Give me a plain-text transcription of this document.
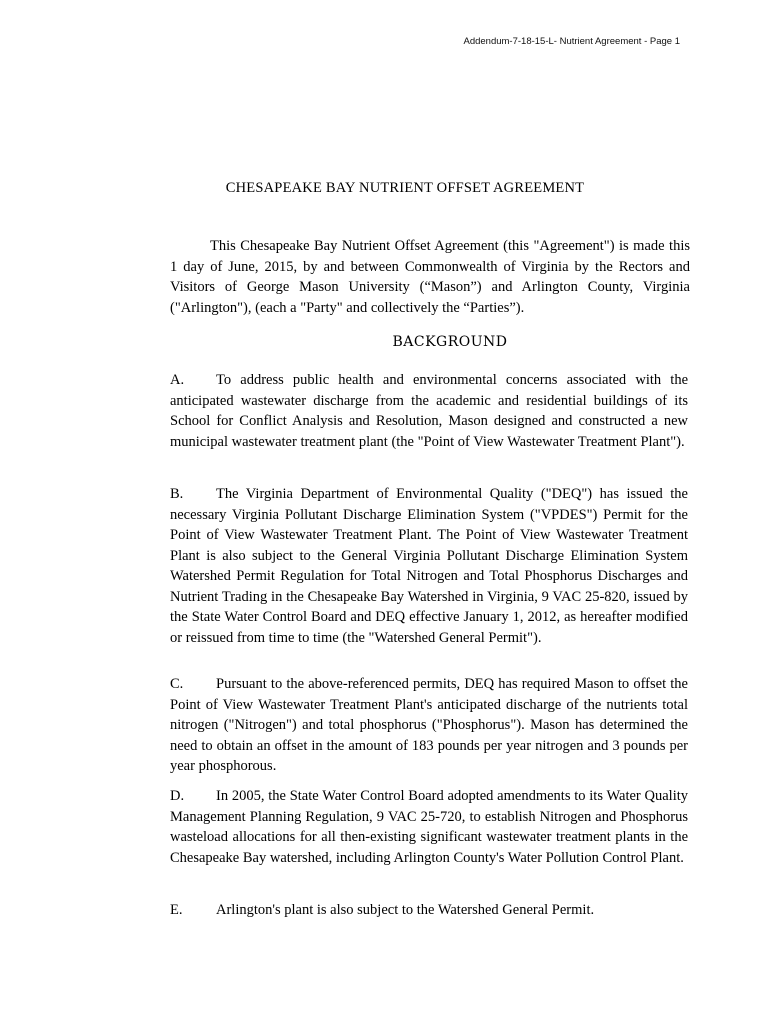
Addendum-7-18-15-L- Nutrient Agreement - Page 1
CHESAPEAKE BAY NUTRIENT OFFSET AGREEMENT

This Chesapeake Bay Nutrient Offset Agreement (this "Agreement") is made this 1 day of June, 2015, by and between Commonwealth of Virginia by the Rectors and Visitors of George Mason University (“Mason”) and Arlington County, Virginia ("Arlington"), (each a "Party" and collectively the “Parties”).

BACKGROUND

A. To address public health and environmental concerns associated with the anticipated wastewater discharge from the academic and residential buildings of its School for Conflict Analysis and Resolution, Mason designed and constructed a new municipal wastewater treatment plant (the "Point of View Wastewater Treatment Plant").

B. The Virginia Department of Environmental Quality ("DEQ") has issued the necessary Virginia Pollutant Discharge Elimination System ("VPDES") Permit for the Point of View Wastewater Treatment Plant. The Point of View Wastewater Treatment Plant is also subject to the General Virginia Pollutant Discharge Elimination System Watershed Permit Regulation for Total Nitrogen and Total Phosphorus Discharges and Nutrient Trading in the Chesapeake Bay Watershed in Virginia, 9 VAC 25-820, issued by the State Water Control Board and DEQ effective January 1, 2012, as hereafter modified or reissued from time to time (the "Watershed General Permit").

C. Pursuant to the above-referenced permits, DEQ has required Mason to offset the Point of View Wastewater Treatment Plant's anticipated discharge of the nutrients total nitrogen ("Nitrogen") and total phosphorus ("Phosphorus"). Mason has determined the need to obtain an offset in the amount of 183 pounds per year nitrogen and 3 pounds per year phosphorous.

D. In 2005, the State Water Control Board adopted amendments to its Water Quality Management Planning Regulation, 9 VAC 25-720, to establish Nitrogen and Phosphorus wasteload allocations for all then-existing significant wastewater treatment plants in the Chesapeake Bay watershed, including Arlington County's Water Pollution Control Plant.

E. Arlington's plant is also subject to the Watershed General Permit.
